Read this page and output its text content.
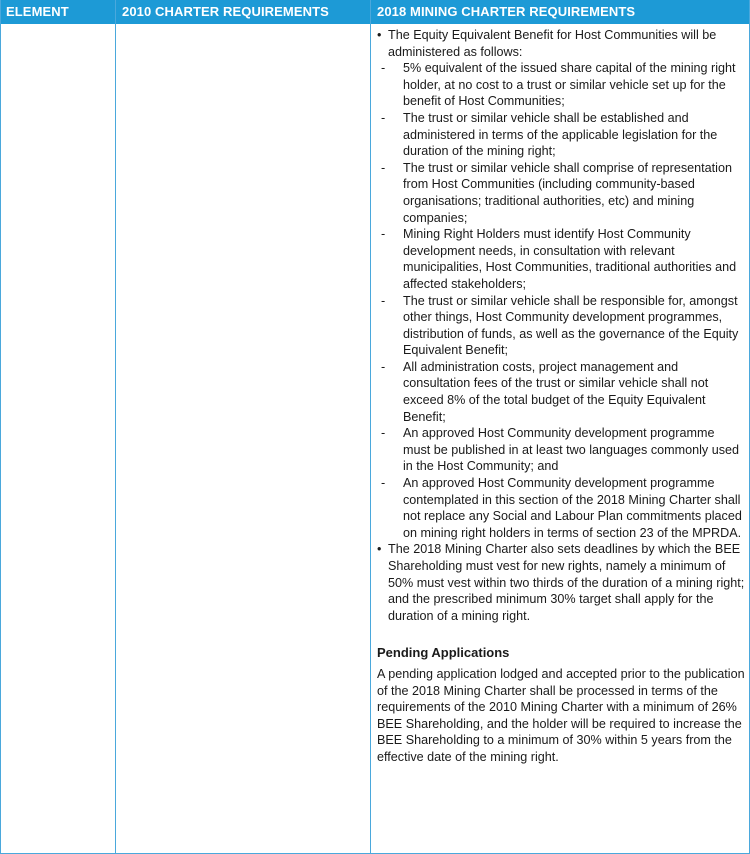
ELEMENT	2010 CHARTER REQUIREMENTS	2018 MINING CHARTER REQUIREMENTS
• The Equity Equivalent Benefit for Host Communities will be administered as follows:
- 5% equivalent of the issued share capital of the mining right holder, at no cost to a trust or similar vehicle set up for the benefit of Host Communities;
- The trust or similar vehicle shall be established and administered in terms of the applicable legislation for the duration of the mining right;
- The trust or similar vehicle shall comprise of representation from Host Communities (including community-based organisations; traditional authorities, etc) and mining companies;
- Mining Right Holders must identify Host Community development needs, in consultation with relevant municipalities, Host Communities, traditional authorities and affected stakeholders;
- The trust or similar vehicle shall be responsible for, amongst other things, Host Community development programmes, distribution of funds, as well as the governance of the Equity Equivalent Benefit;
- All administration costs, project management and consultation fees of the trust or similar vehicle shall not exceed 8% of the total budget of the Equity Equivalent Benefit;
- An approved Host Community development programme must be published in at least two languages commonly used in the Host Community; and
- An approved Host Community development programme contemplated in this section of the 2018 Mining Charter shall not replace any Social and Labour Plan commitments placed on mining right holders in terms of section 23 of the MPRDA.
• The 2018 Mining Charter also sets deadlines by which the BEE Shareholding must vest for new rights, namely a minimum of 50% must vest within two thirds of the duration of a mining right; and the prescribed minimum 30% target shall apply for the duration of a mining right.
Pending Applications
A pending application lodged and accepted prior to the publication of the 2018 Mining Charter shall be processed in terms of the requirements of the 2010 Mining Charter with a minimum of 26% BEE Shareholding, and the holder will be required to increase the BEE Shareholding to a minimum of 30% within 5 years from the effective date of the mining right.
